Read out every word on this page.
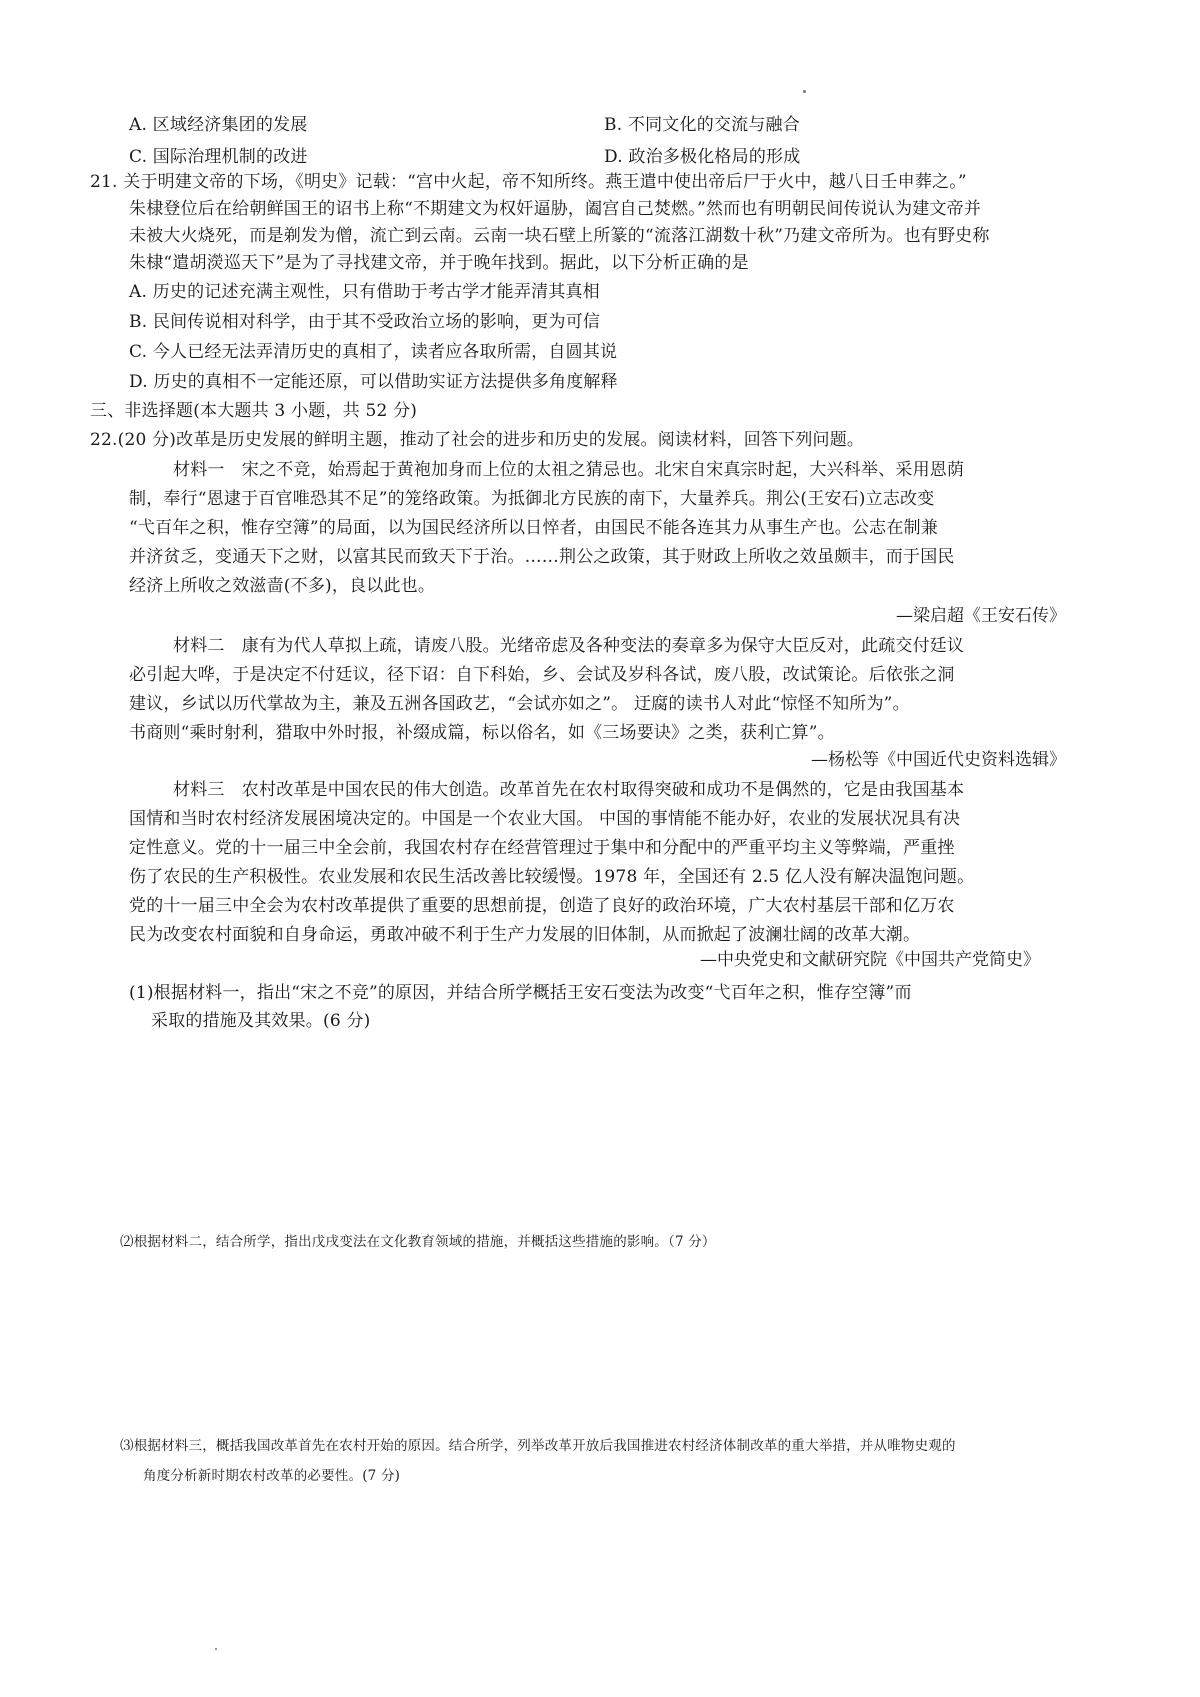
A. 区域经济集团的发展	B. 不同文化的交流与融合
C. 国际治理机制的改进	D. 政治多极化格局的形成
21. 关于明建文帝的下场，《明史》记载：“宫中火起，帝不知所终。燕王遣中使出帝后尸于火中，越八日壬申葬之。”
朱棣登位后在给朝鲜国王的诏书上称“不期建文为权奸逼胁，阖宫自己焚燃。”然而也有明朝民间传说认为建文帝并
未被大火烧死，而是剃发为僧，流亡到云南。云南一块石壁上所篆的“流落江湖数十秋”乃建文帝所为。也有野史称
朱棣“遣胡濙巡天下”是为了寻找建文帝，并于晚年找到。据此，以下分析正确的是
A. 历史的记述充满主观性，只有借助于考古学才能弄清其真相
B. 民间传说相对科学，由于其不受政治立场的影响，更为可信
C. 今人已经无法弄清历史的真相了，读者应各取所需，自圆其说
D. 历史的真相不一定能还原，可以借助实证方法提供多角度解释
三、非选择题(本大题共 3 小题，共 52 分)
22.(20 分)改革是历史发展的鲜明主题，推动了社会的进步和历史的发展。阅读材料，回答下列问题。
材料一　宋之不竞，始焉起于黄袍加身而上位的太祖之猜忌也。北宋自宋真宗时起，大兴科举、采用恩荫
制，奉行“恩逮于百官唯恐其不足”的笼络政策。为抵御北方民族的南下，大量养兵。荆公(王安石)立志改变
“弋百年之积，惟存空簿”的局面，以为国民经济所以日悴者，由国民不能各连其力从事生产也。公志在制兼
并济贫乏，变通天下之财，以富其民而致天下于治。……荆公之政策，其于财政上所收之效虽颇丰，而于国民
经济上所收之效滋啬(不多)，良以此也。
—梁启超《王安石传》
材料二　康有为代人草拟上疏，请废八股。光绪帝虑及各种变法的奏章多为保守大臣反对，此疏交付廷议
必引起大哗，于是决定不付廷议，径下诏：自下科始，乡、会试及岁科各试，废八股，改试策论。后依张之洞
建议，乡试以历代掌故为主，兼及五洲各国政艺，“会试亦如之”。 迂腐的读书人对此“惊怪不知所为”。
书商则“乘时射利，猎取中外时报，补缀成篇，标以俗名，如《三场要诀》之类，获利亡算”。
—杨松等《中国近代史资料选辑》
材料三　农村改革是中国农民的伟大创造。改革首先在农村取得突破和成功不是偶然的，它是由我国基本
国情和当时农村经济发展困境决定的。中国是一个农业大国。 中国的事情能不能办好，农业的发展状况具有决
定性意义。党的十一届三中全会前，我国农村存在经营管理过于集中和分配中的严重平均主义等弊端，严重挫
伤了农民的生产积极性。农业发展和农民生活改善比较缓慢。1978 年，全国还有 2.5 亿人没有解决温饱问题。
党的十一届三中全会为农村改革提供了重要的思想前提，创造了良好的政治环境，广大农村基层干部和亿万农
民为改变农村面貌和自身命运，勇敢冲破不利于生产力发展的旧体制，从而掀起了波澜壮阔的改革大潮。
—中央党史和文献研究院《中国共产党简史》
(1)根据材料一，指出“宋之不竞”的原因，并结合所学概括王安石变法为改变“弋百年之积，惟存空簿”而
采取的措施及其效果。(6 分)
⑵根据材料二，结合所学，指出戊戌变法在文化教育领域的措施，并概括这些措施的影响。（7 分）
⑶根据材料三，概括我国改革首先在农村开始的原因。结合所学，列举改革开放后我国推进农村经济体制改革的重大举措，并从唯物史观的
角度分析新时期农村改革的必要性。(7 分)
